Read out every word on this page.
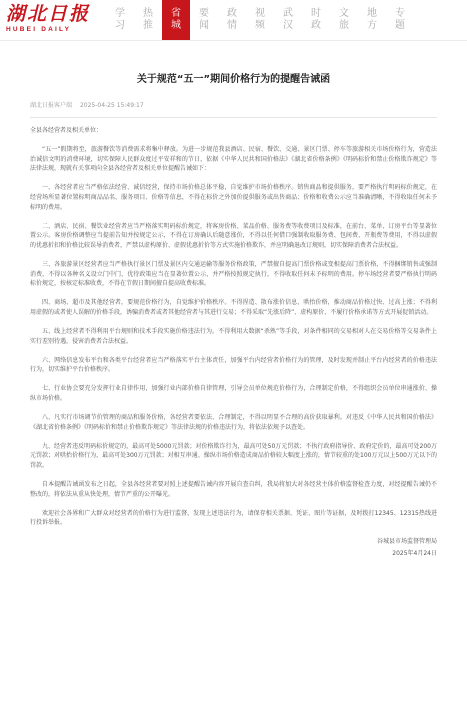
湖北日报
HUBEI DAILY
学习
热推
省城
要闻
政情
视频
武汉
时政
文旅
地方
专题
关于规范“五一”期间价格行为的提醒告诫函
湖北日报客户端 2025-04-25 15:49:17

全县各经营者及相关单位：

“五一”假期将至，旅游餐饮等消费需求将集中释放。为进一步规范我县酒店、民宿、餐饮、交通、景区门票、停车等旅游相关市场价格行为，营造法治诚信文明的消费环境，切实保障人民群众度过平安祥和的节日，依据《中华人民共和国价格法》《湖北省价格条例》《明码标价和禁止价格欺诈规定》等法律法规，现就有关事项向全县各经营者及相关单位提醒告诫如下：

一、各经营者应当严格依法经营、诚信经营，保持市场价格总体平稳，自觉维护市场价格秩序。销售商品和提供服务，要严格执行明码标价规定，在经营场所显著位置标明商品品名、服务项目、价格等信息，不得在标价之外加价提供服务或出售商品；价格和收费公示应当准确清晰，不得收取任何未予标明的费用。

二、酒店、民宿、餐饮业经营者应当严格落实明码标价规定，将客房价格、菜品价格、服务费等收费项目及标准，在前台、菜单、订房平台等显著位置公示。客房价格调整应当提前告知并按规定公示，不得在订房确认后随意涨价，不得以任何借口强制收取服务费、包间费、开瓶费等费用，不得以虚假的优惠折扣和价格比较误导消费者，严禁以虚构原价、虚假优惠折价等方式实施价格欺诈，并应明确退改订规则，切实保障消费者合法权益。

三、各旅游景区经营者应当严格执行景区门票及景区内交通运输等服务价格政策，严禁擅自提高门票价格或变相提高门票价格，不得捆绑销售或强制消费，不得以各种名义设立门中门，优待政策应当在显著位置公示，并严格按照规定执行，不得收取任何未予标明的费用。停车场经营者要严格执行明码标价规定，按核定标准收费，不得在节假日期间擅自提高收费标准。

四、商场、超市及其他经营者，要规范价格行为，自觉维护价格秩序。不得捏造、散布涨价信息，哄抬价格，推动商品价格过快、过高上涨；不得利用虚假的或者使人误解的价格手段，诱骗消费者或者其他经营者与其进行交易；不得采取“先涨后降”、虚构原价、不履行价格承诺等方式开展促销活动。

五、线上经营者不得利用平台规则和技术手段实施价格违法行为。不得利用大数据“杀熟”等手段，对条件相同的交易相对人在交易价格等交易条件上实行差别待遇，侵害消费者合法权益。

六、网络信息发布平台和各类平台经营者应当严格落实平台主体责任，加强平台内经营者价格行为的管理，及时发现并制止平台内经营者的价格违法行为，切实维护平台价格秩序。

七、行业协会要充分发挥行业自律作用，加强行业内部价格自律管理，引导会员单位规范价格行为，合理制定价格，不得组织会员单位串通涨价、操纵市场价格。

八、凡实行市场调节价管理的商品和服务价格，各经营者要依法、合理制定，不得以明显不合理的高价获取暴利。对违反《中华人民共和国价格法》《湖北省价格条例》《明码标价和禁止价格欺诈规定》等法律法规的价格违法行为，将依法依规予以查处。

九、经营者违反明码标价规定的，最高可处5000元罚款；对价格欺诈行为，最高可处50万元罚款；不执行政府指导价、政府定价的，最高可处200万元罚款；对哄抬价格行为，最高可处300万元罚款；对相互串通、操纵市场价格造成商品价格较大幅度上涨的，情节较重的处100万元以上500万元以下的罚款。

自本提醒告诫函发布之日起，全县各经营者要对照上述提醒告诫内容开展自查自纠，我局将加大对各经营主体价格监督检查力度，对经提醒告诫仍不整改的，将依法从重从快处理，情节严重的公开曝光。

欢迎社会各界和广大群众对经营者的价格行为进行监督，发现上述违法行为，请保存相关票据、凭证、图片等证据，及时拨打12345、12315热线进行投诉举报。

谷城县市场监督管理局
2025年4月24日
